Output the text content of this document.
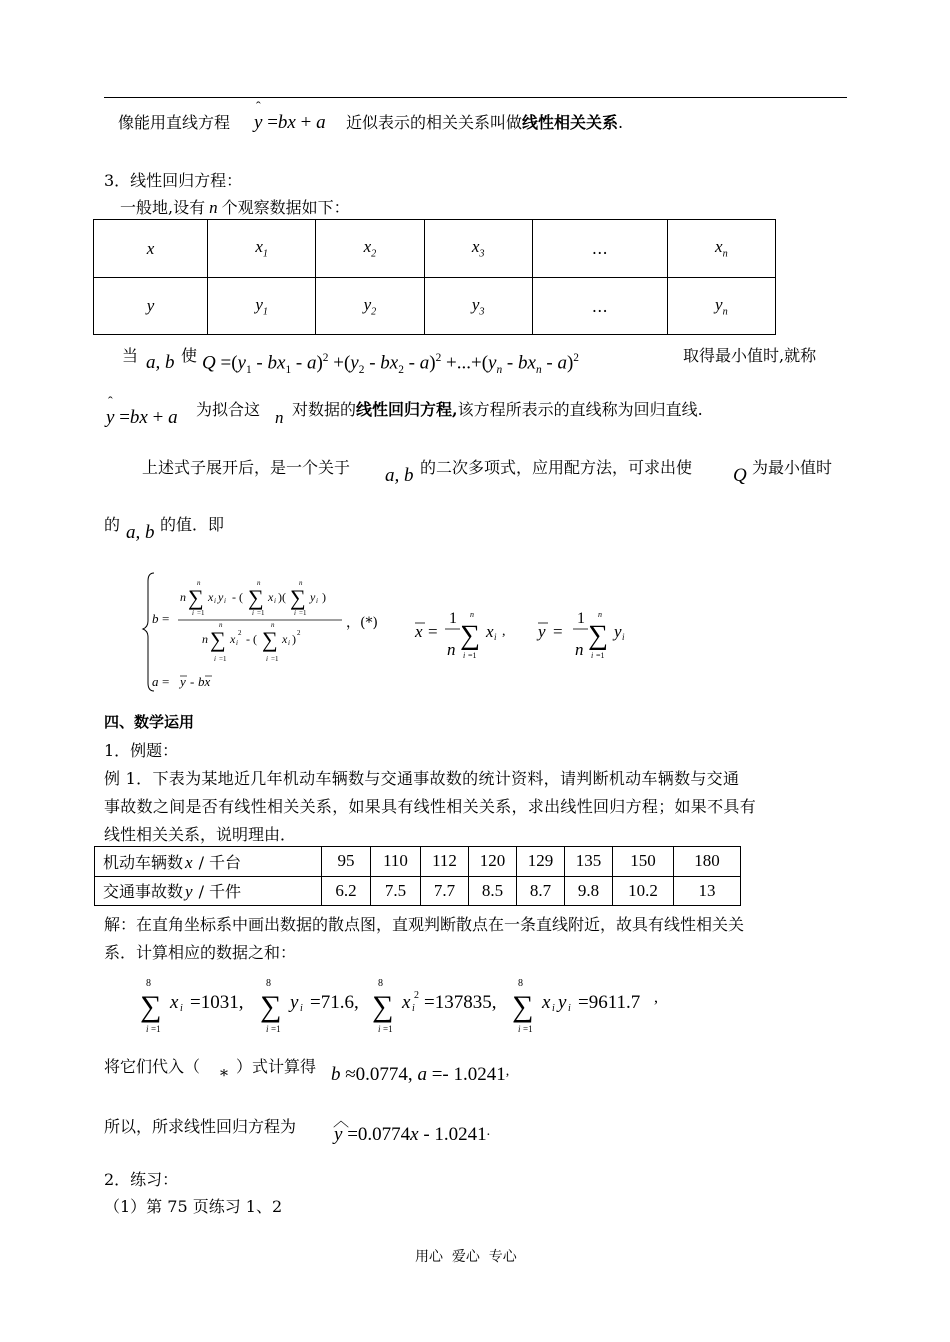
像能用直线方程 y
ˆ
=bx + a 近似表示的相关关系叫做线性相关关系.
3．线性回归方程：
一般地,设有 n 个观察数据如下：
x	$x_1$	$x_2$	$x_3$	…	$x_n$
y	$y_1$	$y_2$	$y_3$	…	$y_n$
当 a, b 使 $Q =(y_1 - bx_1 - a)^2 +(y_2 - bx_2 - a)^2 +...+(y_n - bx_n - a)^2$	取得最小值时,就称
y
ˆ
=bx + a 为拟合这 n 对数据的线性回归方程,该方程所表示的直线称为回归直线.
上述式子展开后，是一个关于 a, b 的二次多项式，应用配方法，可求出使 Q 为最小值时
的 a, b 的值．即
b =
n ∑
n
i =1
x i y i - ( ∑
n
i =1
x i )( ∑
n
i =1
y i )
n ∑
n
i =1
x i
2 - ( ∑
n
i =1
x i ) 2
，(*) x =
1
n ∑
n
i =1
x i , y =
1
n ∑
n
i =1
y i
a = y - bx
四、数学运用
1．例题：
例 1．下表为某地近几年机动车辆数与交通事故数的统计资料，请判断机动车辆数与交通
事故数之间是否有线性相关关系，如果具有线性相关关系，求出线性回归方程；如果不具有
线性相关关系，说明理由．
机动车辆数 x / 千台	95	110	112	120	129	135	150	180
交通事故数 y / 千件	6.2	7.5	7.7	8.5	8.7	9.8	10.2	13
解：在直角坐标系中画出数据的散点图，直观判断散点在一条直线附近，故具有线性相关关
系．计算相应的数据之和：
8
∑
i =1
x i =1031,
8
∑
i =1
y i =71.6,
8
∑
i =1
x i
2 =137835,
8
∑
i =1
x i y i =9611.7 ,
将它们代入（ * ）式计算得 b ≈0.0774, a =- 1.0241,
所以，所求线性回归方程为 y
︿
=0.0774x - 1.0241.
2．练习：
（1）第 75 页练习 1、2
用心  爱心  专心
